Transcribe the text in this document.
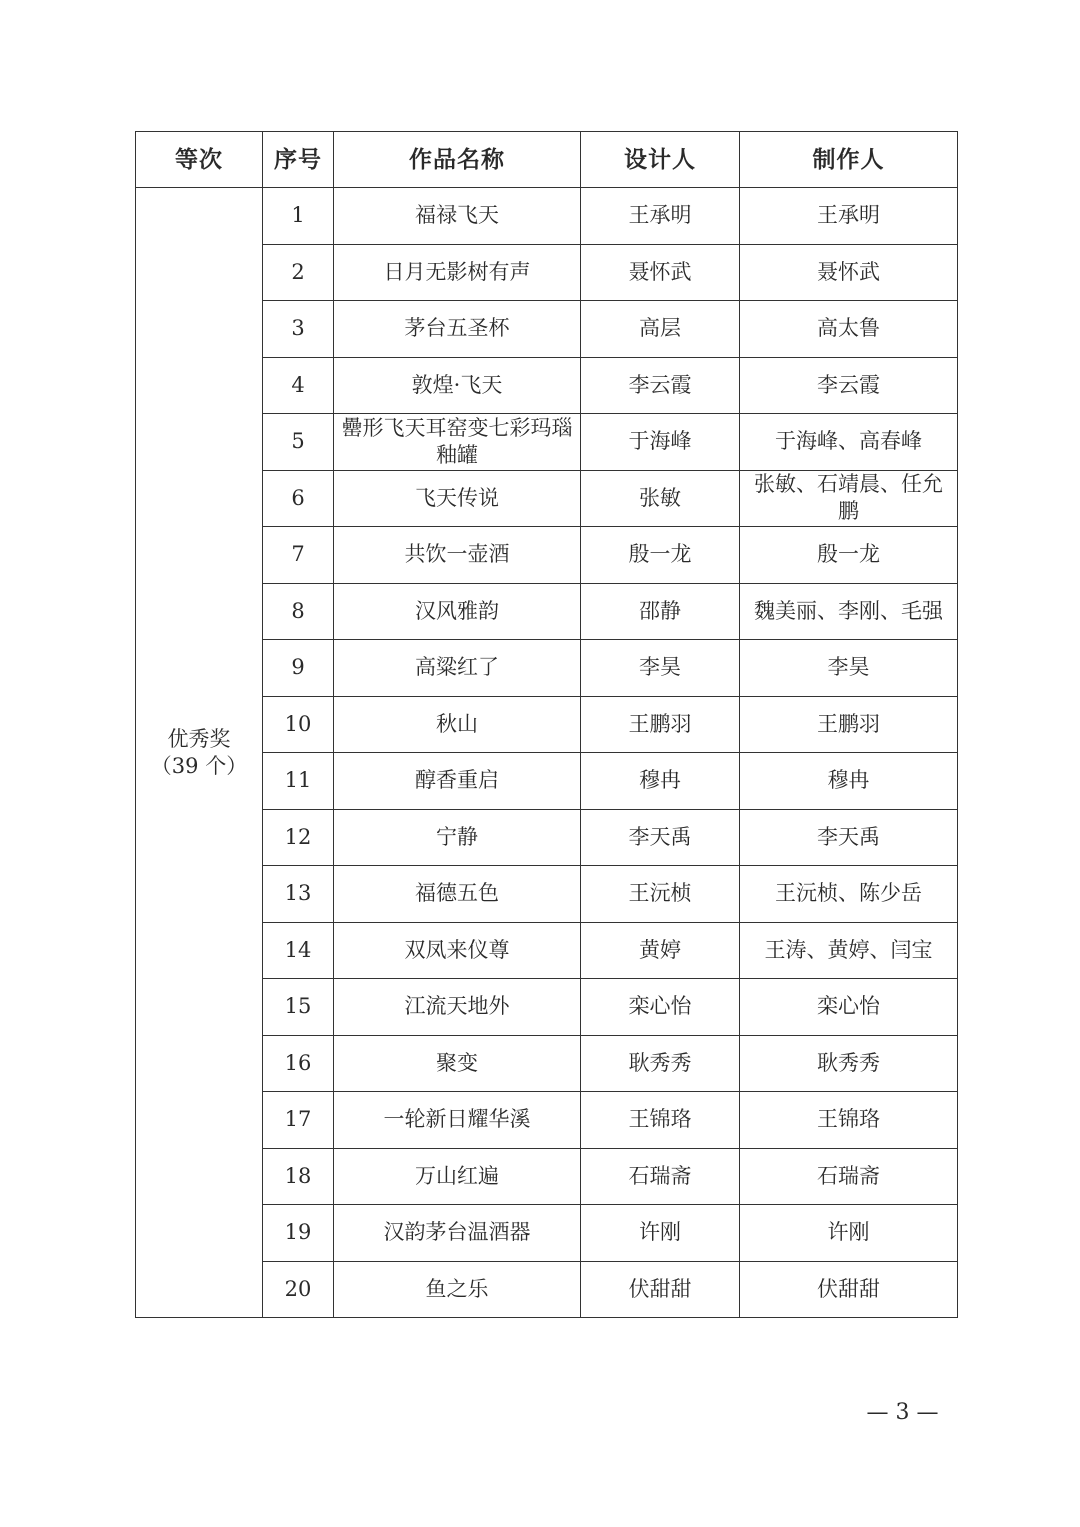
等次	序号	作品名称	设计人	制作人

优秀奖
（39 个）	1	福禄飞天	王承明	王承明
	2	日月无影树有声	聂怀武	聂怀武
	3	茅台五圣杯	高层	高太鲁
	4	敦煌·飞天	李云霞	李云霞
	5	罍形飞天耳窑变七彩玛瑙釉罐	于海峰	于海峰、高春峰
	6	飞天传说	张敏	张敏、石靖晨、任允鹏
	7	共饮一壶酒	殷一龙	殷一龙
	8	汉风雅韵	邵静	魏美丽、李刚、毛强
	9	高粱红了	李昊	李昊
	10	秋山	王鹏羽	王鹏羽
	11	醇香重启	穆冉	穆冉
	12	宁静	李天禹	李天禹
	13	福德五色	王沅桢	王沅桢、陈少岳
	14	双凤来仪尊	黄婷	王涛、黄婷、闫宝
	15	江流天地外	栾心怡	栾心怡
	16	聚变	耿秀秀	耿秀秀
	17	一轮新日耀华溪	王锦珞	王锦珞
	18	万山红遍	石瑞斋	石瑞斋
	19	汉韵茅台温酒器	许刚	许刚
	20	鱼之乐	伏甜甜	伏甜甜
— 3 —
